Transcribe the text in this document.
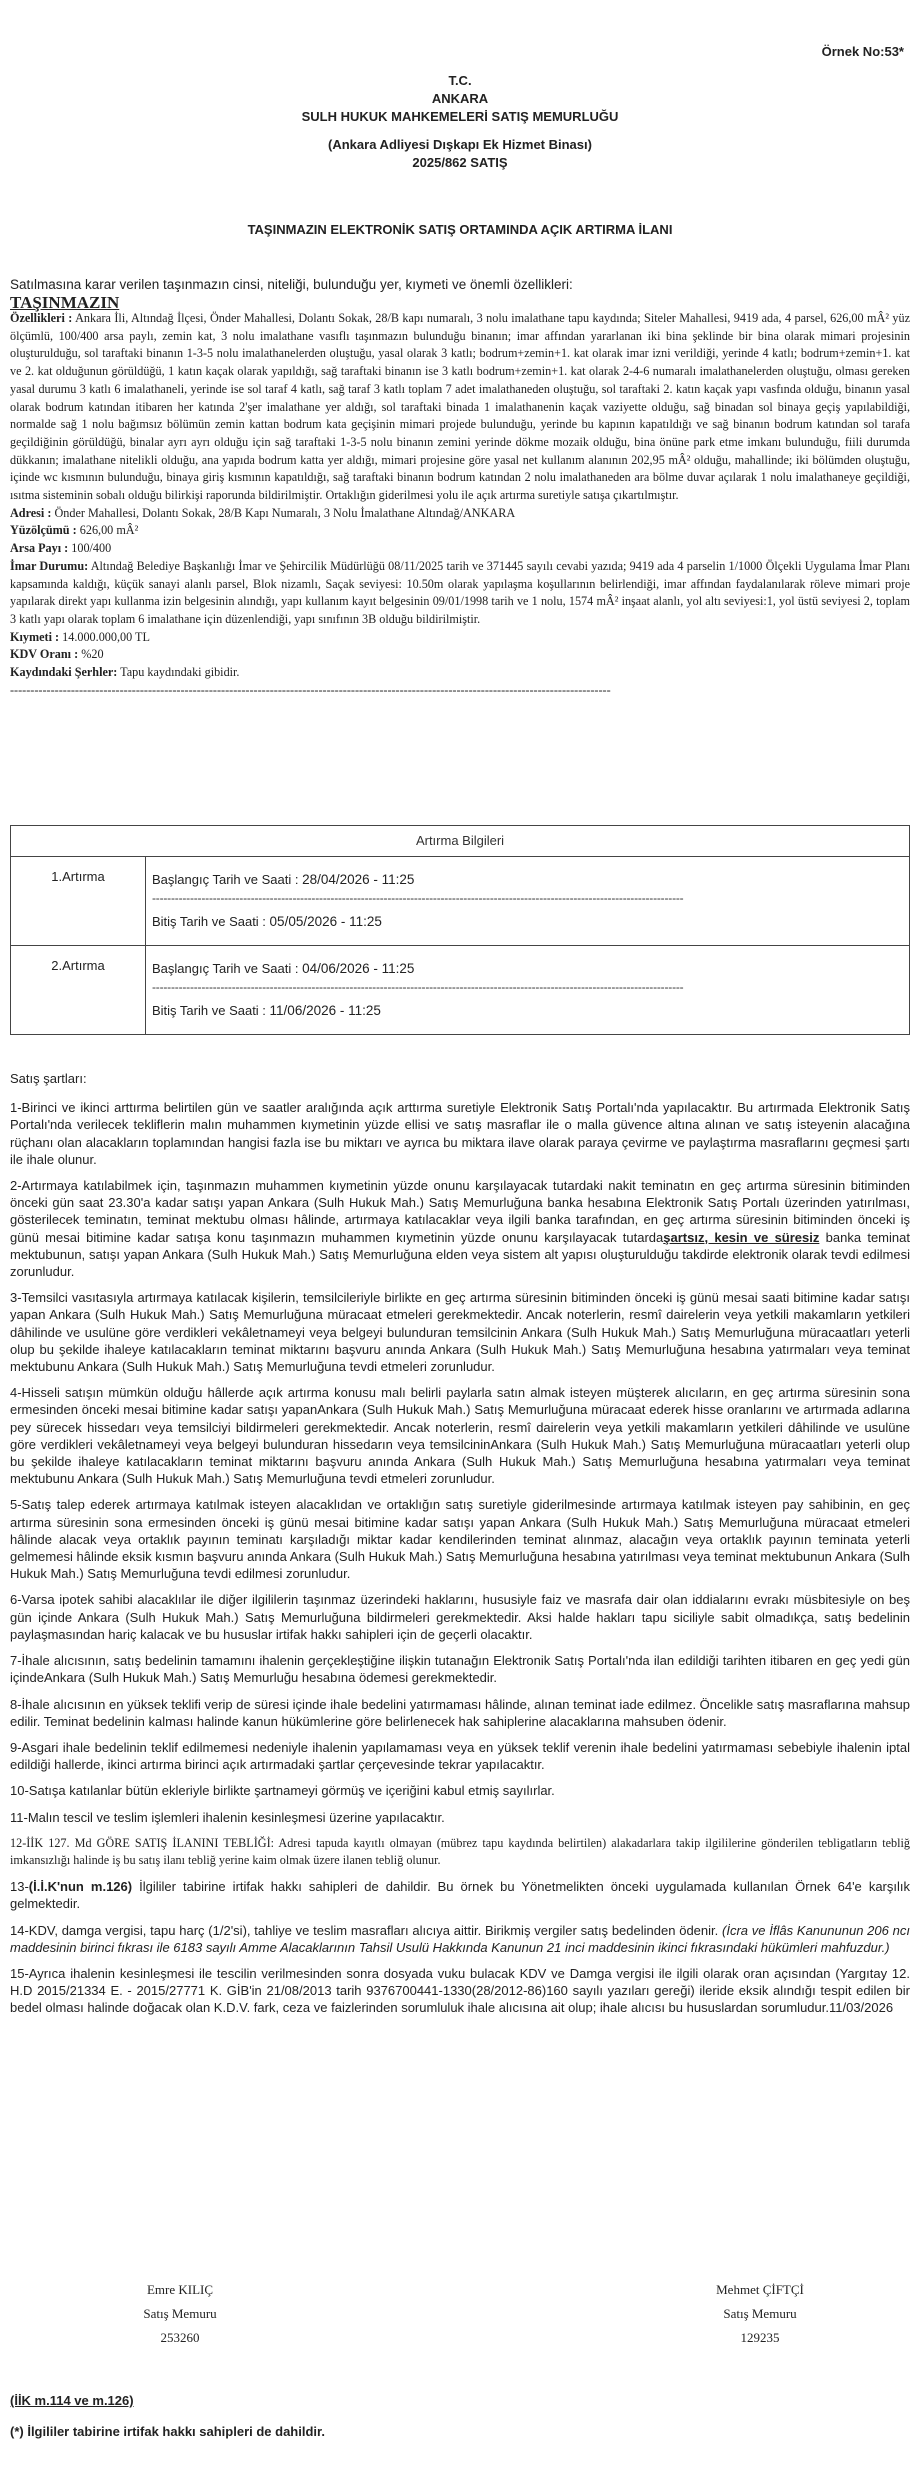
Örnek No:53*
T.C.
ANKARA
SULH HUKUK MAHKEMELERİ SATIŞ MEMURLUĞU
(Ankara Adliyesi Dışkapı Ek Hizmet Binası)
2025/862 SATIŞ
TAŞINMAZIN ELEKTRONİK SATIŞ ORTAMINDA AÇIK ARTIRMA İLANI
Satılmasına karar verilen taşınmazın cinsi, niteliği, bulunduğu yer, kıymeti ve önemli özellikleri:
TAŞINMAZIN

Özellikleri : Ankara İli, Altındağ İlçesi, Önder Mahallesi, Dolantı Sokak, 28/B kapı numaralı, 3 nolu imalathane tapu kaydında; Siteler Mahallesi, 9419 ada, 4 parsel, 626,00 mÂ² yüz ölçümlü, 100/400 arsa paylı, zemin kat, 3 nolu imalathane vasıflı taşınmazın bulunduğu binanın; imar affından yararlanan iki bina şeklinde bir bina olarak mimari projesinin oluşturulduğu, sol taraftaki binanın 1-3-5 nolu imalathanelerden oluştuğu, yasal olarak 3 katlı; bodrum+zemin+1. kat olarak imar izni verildiği, yerinde 4 katlı; bodrum+zemin+1. kat ve 2. kat olduğunun görüldüğü, 1 katın kaçak olarak yapıldığı, sağ taraftaki binanın ise 3 katlı bodrum+zemin+1. kat olarak 2-4-6 numaralı imalathanelerden oluştuğu, olması gereken yasal durumu 3 katlı 6 imalathaneli, yerinde ise sol taraf 4 katlı, sağ taraf 3 katlı toplam 7 adet imalathaneden oluştuğu, sol taraftaki 2. katın kaçak yapı vasfında olduğu, binanın yasal olarak bodrum katından itibaren her katında 2'şer imalathane yer aldığı, sol taraftaki binada 1 imalathanenin kaçak vaziyette olduğu, sağ binadan sol binaya geçiş yapılabildiği, normalde sağ 1 nolu bağımsız bölümün zemin kattan bodrum kata geçişinin mimari projede bulunduğu, yerinde bu kapının kapatıldığı ve sağ binanın bodrum katından sol tarafa geçildiğinin görüldüğü, binalar ayrı ayrı olduğu için sağ taraftaki 1-3-5 nolu binanın zemini yerinde dökme mozaik olduğu, bina önüne park etme imkanı bulunduğu, fiili durumda dükkanın; imalathane nitelikli olduğu, ana yapıda bodrum katta yer aldığı, mimari projesine göre yasal net kullanım alanının 202,95 mÂ² olduğu, mahallinde; iki bölümden oluştuğu, içinde wc kısmının bulunduğu, binaya giriş kısmının kapatıldığı, sağ taraftaki binanın bodrum katından 2 nolu imalathaneden ara bölme duvar açılarak 1 nolu imalathaneye geçildiği, ısıtma sisteminin sobalı olduğu bilirkişi raporunda bildirilmiştir. Ortaklığın giderilmesi yolu ile açık artırma suretiyle satışa çıkartılmıştır.

Adresi : Önder Mahallesi, Dolantı Sokak, 28/B Kapı Numaralı, 3 Nolu İmalathane Altındağ/ANKARA

Yüzölçümü : 626,00 mÂ²

Arsa Payı : 100/400

İmar Durumu: Altındağ Belediye Başkanlığı İmar ve Şehircilik Müdürlüğü 08/11/2025 tarih ve 371445 sayılı cevabi yazıda; 9419 ada 4 parselin 1/1000 Ölçekli Uygulama İmar Planı kapsamında kaldığı, küçük sanayi alanlı parsel, Blok nizamlı, Saçak seviyesi: 10.50m olarak yapılaşma koşullarının belirlendiği, imar affından faydalanılarak röleve mimari proje yapılarak direkt yapı kullanma izin belgesinin alındığı, yapı kullanım kayıt belgesinin 09/01/1998 tarih ve 1 nolu, 1574 mÂ² inşaat alanlı, yol altı seviyesi:1, yol üstü seviyesi 2, toplam 3 katlı yapı olarak toplam 6 imalathane için düzenlendiği, yapı sınıfının 3B olduğu bildirilmiştir.

Kıymeti : 14.000.000,00 TL

KDV Oranı : %20

Kaydındaki Şerhler: Tapu kaydındaki gibidir.

----------------------------------------------------------------------------------------------------------------------------------------------------

Artırma Bilgileri
1.Artırma	Başlangıç Tarih ve Saati : 28/04/2026 - 11:25
--------------------------------------------------------------------------------------------------------------------------------------------
Bitiş Tarih ve Saati : 05/05/2026 - 11:25
2.Artırma	Başlangıç Tarih ve Saati : 04/06/2026 - 11:25
--------------------------------------------------------------------------------------------------------------------------------------------
Bitiş Tarih ve Saati : 11/06/2026 - 11:25

Satış şartları:

1-Birinci ve ikinci arttırma belirtilen gün ve saatler aralığında açık arttırma suretiyle Elektronik Satış Portalı'nda yapılacaktır. Bu artırmada Elektronik Satış Portalı'nda verilecek tekliflerin malın muhammen kıymetinin yüzde ellisi ve satış masraflar ile o malla güvence altına alınan ve satış isteyenin alacağına rüçhanı olan alacakların toplamından hangisi fazla ise bu miktarı ve ayrıca bu miktara ilave olarak paraya çevirme ve paylaştırma masraflarını geçmesi şartı ile ihale olunur.

2-Artırmaya katılabilmek için, taşınmazın muhammen kıymetinin yüzde onunu karşılayacak tutardaki nakit teminatın en geç artırma süresinin bitiminden önceki gün saat 23.30'a kadar satışı yapan Ankara (Sulh Hukuk Mah.) Satış Memurluğuna banka hesabına Elektronik Satış Portalı üzerinden yatırılması, gösterilecek teminatın, teminat mektubu olması hâlinde, artırmaya katılacaklar veya ilgili banka tarafından, en geç artırma süresinin bitiminden önceki iş günü mesai bitimine kadar satışa konu taşınmazın muhammen kıymetinin yüzde onunu karşılayacak tutardaşartsız, kesin ve süresiz banka teminat mektubunun, satışı yapan Ankara (Sulh Hukuk Mah.) Satış Memurluğuna elden veya sistem alt yapısı oluşturulduğu takdirde elektronik olarak tevdi edilmesi zorunludur.

3-Temsilci vasıtasıyla artırmaya katılacak kişilerin, temsilcileriyle birlikte en geç artırma süresinin bitiminden önceki iş günü mesai saati bitimine kadar satışı yapan Ankara (Sulh Hukuk Mah.) Satış Memurluğuna müracaat etmeleri gerekmektedir. Ancak noterlerin, resmî dairelerin veya yetkili makamların yetkileri dâhilinde ve usulüne göre verdikleri vekâletnameyi veya belgeyi bulunduran temsilcinin Ankara (Sulh Hukuk Mah.) Satış Memurluğuna müracaatları yeterli olup bu şekilde ihaleye katılacakların teminat miktarını başvuru anında Ankara (Sulh Hukuk Mah.) Satış Memurluğuna hesabına yatırmaları veya teminat mektubunu Ankara (Sulh Hukuk Mah.) Satış Memurluğuna tevdi etmeleri zorunludur.

4-Hisseli satışın mümkün olduğu hâllerde açık artırma konusu malı belirli paylarla satın almak isteyen müşterek alıcıların, en geç artırma süresinin sona ermesinden önceki mesai bitimine kadar satışı yapanAnkara (Sulh Hukuk Mah.) Satış Memurluğuna müracaat ederek hisse oranlarını ve artırmada adlarına pey sürecek hissedarı veya temsilciyi bildirmeleri gerekmektedir. Ancak noterlerin, resmî dairelerin veya yetkili makamların yetkileri dâhilinde ve usulüne göre verdikleri vekâletnameyi veya belgeyi bulunduran hissedarın veya temsilcininAnkara (Sulh Hukuk Mah.) Satış Memurluğuna müracaatları yeterli olup bu şekilde ihaleye katılacakların teminat miktarını başvuru anında Ankara (Sulh Hukuk Mah.) Satış Memurluğuna hesabına yatırmaları veya teminat mektubunu Ankara (Sulh Hukuk Mah.) Satış Memurluğuna tevdi etmeleri zorunludur.

5-Satış talep ederek artırmaya katılmak isteyen alacaklıdan ve ortaklığın satış suretiyle giderilmesinde artırmaya katılmak isteyen pay sahibinin, en geç artırma süresinin sona ermesinden önceki iş günü mesai bitimine kadar satışı yapan Ankara (Sulh Hukuk Mah.) Satış Memurluğuna müracaat etmeleri hâlinde alacak veya ortaklık payının teminatı karşıladığı miktar kadar kendilerinden teminat alınmaz, alacağın veya ortaklık payının teminata yeterli gelmemesi hâlinde eksik kısmın başvuru anında Ankara (Sulh Hukuk Mah.) Satış Memurluğuna hesabına yatırılması veya teminat mektubunun Ankara (Sulh Hukuk Mah.) Satış Memurluğuna tevdi edilmesi zorunludur.

6-Varsa ipotek sahibi alacaklılar ile diğer ilgililerin taşınmaz üzerindeki haklarını, hususiyle faiz ve masrafa dair olan iddialarını evrakı müsbitesiyle on beş gün içinde Ankara (Sulh Hukuk Mah.) Satış Memurluğuna bildirmeleri gerekmektedir. Aksi halde hakları tapu siciliyle sabit olmadıkça, satış bedelinin paylaşmasından hariç kalacak ve bu hususlar irtifak hakkı sahipleri için de geçerli olacaktır.

7-İhale alıcısının, satış bedelinin tamamını ihalenin gerçekleştiğine ilişkin tutanağın Elektronik Satış Portalı'nda ilan edildiği tarihten itibaren en geç yedi gün içindeAnkara (Sulh Hukuk Mah.) Satış Memurluğu hesabına ödemesi gerekmektedir.

8-İhale alıcısının en yüksek teklifi verip de süresi içinde ihale bedelini yatırmaması hâlinde, alınan teminat iade edilmez. Öncelikle satış masraflarına mahsup edilir. Teminat bedelinin kalması halinde kanun hükümlerine göre belirlenecek hak sahiplerine alacaklarına mahsuben ödenir.

9-Asgari ihale bedelinin teklif edilmemesi nedeniyle ihalenin yapılamaması veya en yüksek teklif verenin ihale bedelini yatırmaması sebebiyle ihalenin iptal edildiği hallerde, ikinci artırma birinci açık artırmadaki şartlar çerçevesinde tekrar yapılacaktır.

10-Satışa katılanlar bütün ekleriyle birlikte şartnameyi görmüş ve içeriğini kabul etmiş sayılırlar.

11-Malın tescil ve teslim işlemleri ihalenin kesinleşmesi üzerine yapılacaktır.

12-İİK 127. Md GÖRE SATIŞ İLANINI TEBLİĞİ: Adresi tapuda kayıtlı olmayan (mübrez tapu kaydında belirtilen) alakadarlara takip ilgililerine gönderilen tebligatların tebliğ imkansızlığı halinde iş bu satış ilanı tebliğ yerine kaim olmak üzere ilanen tebliğ olunur.

13-(İ.İ.K'nun m.126) İlgililer tabirine irtifak hakkı sahipleri de dahildir. Bu örnek bu Yönetmelikten önceki uygulamada kullanılan Örnek 64'e karşılık gelmektedir.

14-KDV, damga vergisi, tapu harç (1/2'si), tahliye ve teslim masrafları alıcıya aittir. Birikmiş vergiler satış bedelinden ödenir. (İcra ve İflâs Kanununun 206 ncı maddesinin birinci fıkrası ile 6183 sayılı Amme Alacaklarının Tahsil Usulü Hakkında Kanunun 21 inci maddesinin ikinci fıkrasındaki hükümleri mahfuzdur.)

15-Ayrıca ihalenin kesinleşmesi ile tescilin verilmesinden sonra dosyada vuku bulacak KDV ve Damga vergisi ile ilgili olarak oran açısından (Yargıtay 12. H.D 2015/21334 E. - 2015/27771 K. GİB'in 21/08/2013 tarih 9376700441-1330(28/2012-86)160 sayılı yazıları gereği) ileride eksik alındığı tespit edilen bir bedel olması halinde doğacak olan K.D.V. fark, ceza ve faizlerinden sorumluluk ihale alıcısına ait olup; ihale alıcısı bu hususlardan sorumludur.11/03/2026

Emre KILIÇ
Satış Memuru
253260
Mehmet ÇİFTÇİ
Satış Memuru
129235
(İİK m.114 ve m.126)
(*) İlgililer tabirine irtifak hakkı sahipleri de dahildir.
